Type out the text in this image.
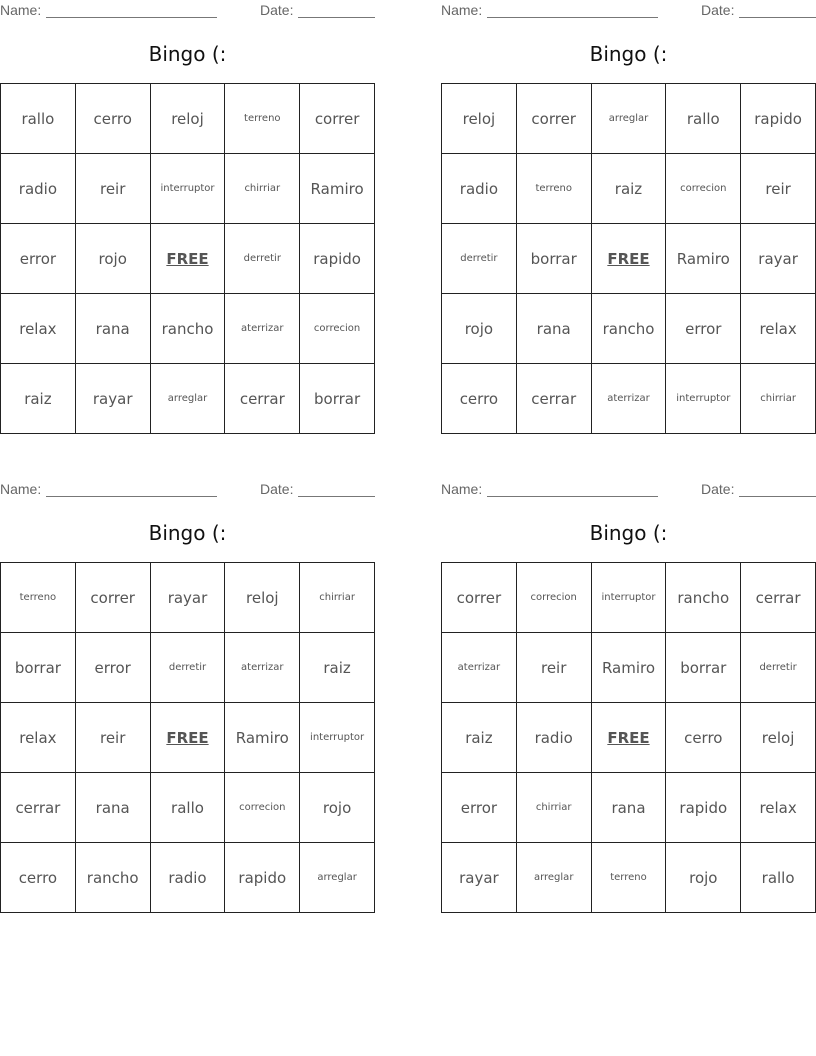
Name:	Date:
Bingo (:
rallo	cerro	reloj	terreno	correr
radio	reir	interruptor	chirriar	Ramiro
error	rojo	FREE	derretir	rapido
relax	rana	rancho	aterrizar	correcion
raiz	rayar	arreglar	cerrar	borrar
Name:	Date:
Bingo (:
reloj	correr	arreglar	rallo	rapido
radio	terreno	raiz	correcion	reir
derretir	borrar	FREE	Ramiro	rayar
rojo	rana	rancho	error	relax
cerro	cerrar	aterrizar	interruptor	chirriar
Name:	Date:
Bingo (:
terreno	correr	rayar	reloj	chirriar
borrar	error	derretir	aterrizar	raiz
relax	reir	FREE	Ramiro	interruptor
cerrar	rana	rallo	correcion	rojo
cerro	rancho	radio	rapido	arreglar
Name:	Date:
Bingo (:
correr	correcion	interruptor	rancho	cerrar
aterrizar	reir	Ramiro	borrar	derretir
raiz	radio	FREE	cerro	reloj
error	chirriar	rana	rapido	relax
rayar	arreglar	terreno	rojo	rallo
